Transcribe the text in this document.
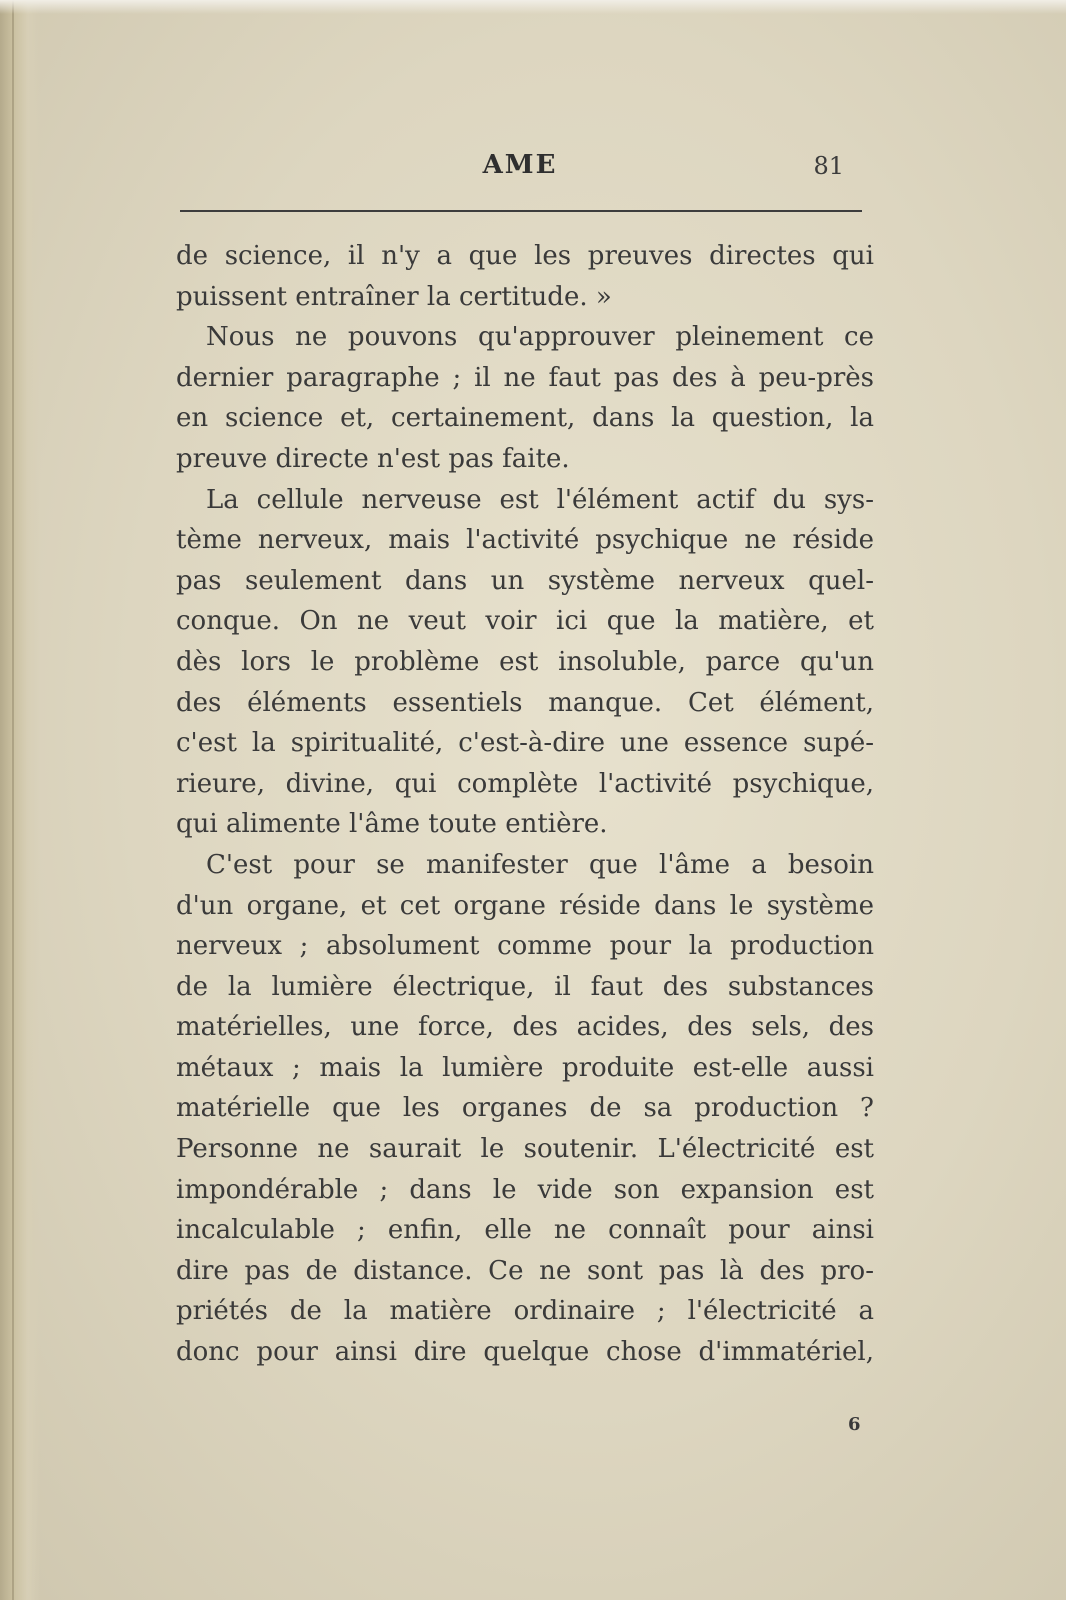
AME	81
de science, il n'y a que les preuves directes qui
puissent entraîner la certitude. »
Nous ne pouvons qu'approuver pleinement ce
dernier paragraphe ; il ne faut pas des à peu-près
en science et, certainement, dans la question, la
preuve directe n'est pas faite.
La cellule nerveuse est l'élément actif du sys-
tème nerveux, mais l'activité psychique ne réside
pas seulement dans un système nerveux quel-
conque. On ne veut voir ici que la matière, et
dès lors le problème est insoluble, parce qu'un
des éléments essentiels manque. Cet élément,
c'est la spiritualité, c'est-à-dire une essence supé-
rieure, divine, qui complète l'activité psychique,
qui alimente l'âme toute entière.
C'est pour se manifester que l'âme a besoin
d'un organe, et cet organe réside dans le système
nerveux ; absolument comme pour la production
de la lumière électrique, il faut des substances
matérielles, une force, des acides, des sels, des
métaux ; mais la lumière produite est-elle aussi
matérielle que les organes de sa production ?
Personne ne saurait le soutenir. L'électricité est
impondérable ; dans le vide son expansion est
incalculable ; enfin, elle ne connaît pour ainsi
dire pas de distance. Ce ne sont pas là des pro-
priétés de la matière ordinaire ; l'électricité a
donc pour ainsi dire quelque chose d'immatériel,
6
